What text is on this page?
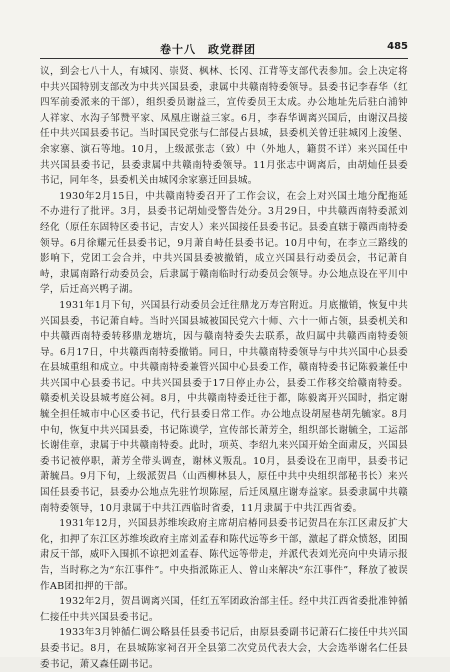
卷十八　政党群团	485

议，到会七八十人，有城冈、崇贤、枫林、长冈、江背等支部代表参加。会上决定将中共兴国特别支部改为中共兴国县委，隶属中共赣南特委领导。县委书记李春华（红四军前委派来的干部），组织委员谢益三，宣传委员王太成。办公地址先后驻白浦钟人祥家、水沟子邹赞平家、凤凰庄谢益三家。6月，李春华调离兴国后，由谢汉昌接任中共兴国县委书记。当时国民党张与仁部侵占县城，县委机关曾迁驻城冈上浚堡、余家寨、演石等地。10月，上级派张志（致）中（外地人，籍贯不详）来兴国任中共兴国县委书记，县委隶属中共赣南特委领导。11月张志中调离后，由胡灿任县委书记，同年冬，县委机关由城冈余家寨迁回县城。

1930年2月15日，中共赣南特委召开了工作会议，在会上对兴国土地分配拖延不办进行了批评。3月，县委书记胡灿受警告处分。3月29日，中共赣西南特委派刘经化（原任东固特区委书记，吉安人）来兴国接任县委书记。县委直辖于赣西南特委领导。6月徐耀元任县委书记，9月萧自峙任县委书记。10月中旬，在李立三路线的影响下，党团工会合并，中共兴国县委被撤销，成立兴国县行动委员会，书记萧自峙，隶属南路行动委员会，后隶属于赣南临时行动委员会领导。办公地点设在平川中学，后迁高兴鸭子湖。

1931年1月下旬，兴国县行动委员会迁往鼎龙万寿宫附近。月底撤销，恢复中共兴国县委，书记萧自峙。当时兴国县城被国民党六十师、六十一师占领，县委机关和中共赣西南特委转移鼎龙塘坑，因与赣南特委失去联系，故归属中共赣西南特委领导。6月17日，中共赣西南特委撤销。同日，中共赣南特委领导与中共兴国中心县委在县城重组和成立。中共赣南特委兼管兴国中心县委工作，赣南特委书记陈毅兼任中共兴国中心县委书记。中共兴国县委于17日停止办公，县委工作移交给赣南特委。赣委机关设县城考庭公祠。8月，中共赣南特委迁往于都，陈毅离开兴国时，指定谢毓全担任城市中心区委书记，代行县委日常工作。办公地点设胡屋巷胡先毓家。8月中旬，恢复中共兴国县委，书记陈谟学，宣传部长萧芳全，组织部长谢毓全，工运部长谢佳章，隶属于中共赣南特委。此时，项英、李绍九来兴国开始全面肃反，兴国县委书记被停职，萧芳全带头调查，谢林义叛乱。10月，县委设在卫南甲，县委书记萧毓昌。9月下旬，上级派贺昌（山西柳林县人，原任中共中央组织部秘书长）来兴国任县委书记，县委办公地点先驻竹坝陈屋，后迁凤凰庄谢寿益家。县委隶属中共赣南特委领导，10月隶属于中共江西临时省委，11月隶属于中共江西省委。

1931年12月，兴国县苏维埃政府主席胡启椿同县委书记贺昌在东江区肃反扩大化，扣押了东江区苏维埃政府主席刘孟春和陈代远等乡干部，激起了群众愤怒，团围肃反干部，威吓入围抓不谅把刘孟春、陈代远等带走，并派代表刘光亮向中央请示报告，当时称之为“东江事件”。中央指派陈正人、曾山来解决“东江事件”，释放了被误作AB团扣押的干部。

1932年2月，贺昌调离兴国，任红五军团政治部主任。经中共江西省委批准钟循仁接任中共兴国县委书记。

1933年3月钟循仁调公略县任县委书记后，由原县委副书记萧石仁接任中共兴国县委书记。8月，在县城陈家祠召开全县第二次党员代表大会，大会选举谢名仁任县委书记，萧又森任副书记。
